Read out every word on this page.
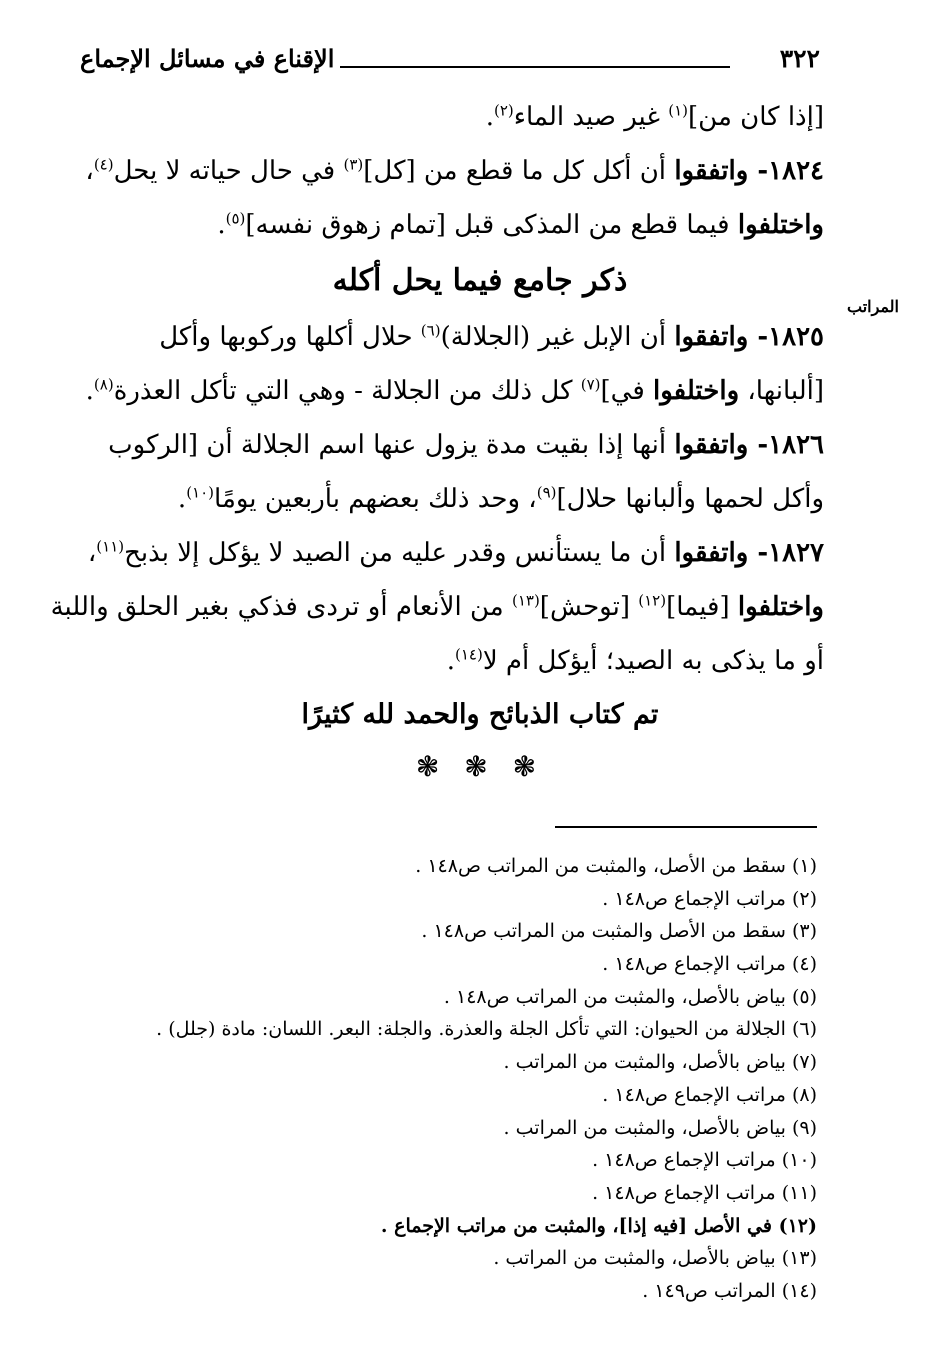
٣٢٢
الإقناع في مسائل الإجماع
المراتب
[إذا كان من]$^{(١)}$ غير صيد الماء$^{(٢)}$.
١٨٢٤- واتفقوا أن أكل كل ما قطع من [كل]$^{(٣)}$ في حال حياته لا يحل$^{(٤)}$،
واختلفوا فيما قطع من المذكى قبل [تمام زهوق نفسه]$^{(٥)}$.
ذكر جامع فيما يحل أكله
١٨٢٥- واتفقوا أن الإبل غير (الجلالة)$^{(٦)}$ حلال أكلها وركوبها وأكل
[ألبانها، واختلفوا في]$^{(٧)}$ كل ذلك من الجلالة - وهي التي تأكل العذرة$^{(٨)}$.
١٨٢٦- واتفقوا أنها إذا بقيت مدة يزول عنها اسم الجلالة أن [الركوب
وأكل لحمها وألبانها حلال]$^{(٩)}$، وحد ذلك بعضهم بأربعين يومًا$^{(١٠)}$.
١٨٢٧- واتفقوا أن ما يستأنس وقدر عليه من الصيد لا يؤكل إلا بذبح$^{(١١)}$،
واختلفوا [فيما]$^{(١٢)}$ [توحش]$^{(١٣)}$ من الأنعام أو تردى فذكي بغير الحلق واللبة
أو ما يذكى به الصيد؛ أيؤكل أم لا$^{(١٤)}$.
تم كتاب الذبائح والحمد لله كثيرًا
❃ ❃ ❃
(١) سقط من الأصل، والمثبت من المراتب ص١٤٨ .
(٢) مراتب الإجماع ص١٤٨ .
(٣) سقط من الأصل والمثبت من المراتب ص١٤٨ .
(٤) مراتب الإجماع ص١٤٨ .
(٥) بياض بالأصل، والمثبت من المراتب ص١٤٨ .
(٦) الجلالة من الحيوان: التي تأكل الجلة والعذرة. والجلة: البعر. اللسان: مادة (جلل) .
(٧) بياض بالأصل، والمثبت من المراتب .
(٨) مراتب الإجماع ص١٤٨ .
(٩) بياض بالأصل، والمثبت من المراتب .
(١٠) مراتب الإجماع ص١٤٨ .
(١١) مراتب الإجماع ص١٤٨ .
(١٢) في الأصل [فيه إذا]، والمثبت من مراتب الإجماع .
(١٣) بياض بالأصل، والمثبت من المراتب .
(١٤) المراتب ص١٤٩ .
